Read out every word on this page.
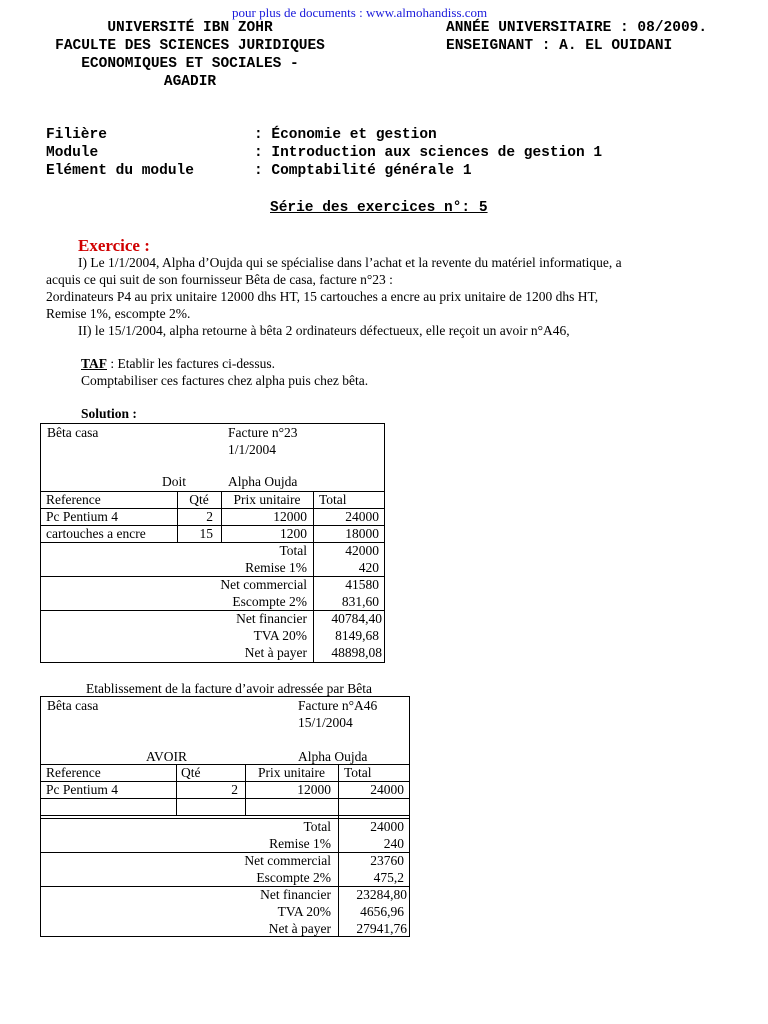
pour plus de documents : www.almohandiss.com
UNIVERSITÉ IBN ZOHR
FACULTE DES SCIENCES JURIDIQUES
ECONOMIQUES ET SOCIALES -
AGADIR
ANNÉE UNIVERSITAIRE : 08/2009.
ENSEIGNANT : A. EL OUIDANI
Filière	: Économie et gestion
Module	: Introduction aux sciences de gestion 1
Elément du module	: Comptabilité générale 1
Série des exercices n°: 5
Exercice :
I) Le 1/1/2004, Alpha d’Oujda qui se spécialise dans l’achat et la revente du matériel informatique, a
acquis ce qui suit de son fournisseur Bêta de casa, facture n°23 :
2ordinateurs P4 au prix unitaire 12000 dhs HT, 15 cartouches a encre au prix unitaire de 1200 dhs HT,
Remise 1%, escompte 2%.
II) le 15/1/2004, alpha retourne à bêta 2 ordinateurs défectueux, elle reçoit un avoir n°A46,
TAF : Etablir les factures ci-dessus.
Comptabiliser ces factures chez alpha puis chez bêta.
Solution :
Bêta casa	Facture n°23
1/1/2004
Doit	Alpha Oujda
Reference	Qté	Prix unitaire	Total
Pc Pentium 4	2	12000	24000
cartouches a encre	15	1200	18000
Total	42000
Remise 1%	420
Net commercial	41580
Escompte 2%	831,60
Net financier	40784,40
TVA 20%	8149,68
Net à payer	48898,08
Etablissement de la facture d’avoir adressée par Bêta
Bêta casa	Facture n°A46
15/1/2004
AVOIR	Alpha Oujda
Reference	Qté	Prix unitaire	Total
Pc Pentium 4	2	12000	24000
Total	24000
Remise 1%	240
Net commercial	23760
Escompte 2%	475,2
Net financier	23284,80
TVA 20%	4656,96
Net à payer	27941,76
